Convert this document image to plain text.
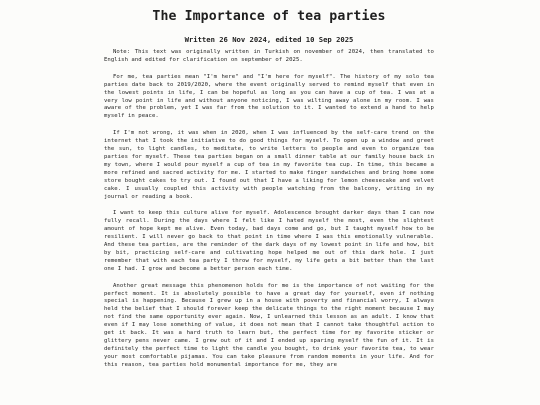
The Importance of tea parties
Written 26 Nov 2024, edited 10 Sep 2025

Note: This text was originally written in Turkish on november of 2024, then translated to English and edited for clarification on september of 2025.

For me, tea parties mean "I'm here" and "I'm here for myself". The history of my solo tea parties date back to 2019/2020, where the event originally served to remind myself that even in the lowest points in life, I can be hopeful as long as you can have a cup of tea. I was at a very low point in life and without anyone noticing, I was wilting away alone in my room. I was aware of the problem, yet I was far from the solution to it. I wanted to extend a hand to help myself in peace.

If I'm not wrong, it was when in 2020, when I was influenced by the self-care trend on the internet that I took the initiative to do good things for myself. To open up a window and greet the sun, to light candles, to meditate, to write letters to people and even to organize tea parties for myself. These tea parties began on a small dinner table at our family house back in my town, where I would pour myself a cup of tea in my favorite tea cup. In time, this became a more refined and sacred activity for me. I started to make finger sandwiches and bring home some store bought cakes to try out. I found out that I have a liking for lemon cheesecake and velvet cake. I usually coupled this activity with people watching from the balcony, writing in my journal or reading a book.

I want to keep this culture alive for myself. Adolescence brought darker days than I can now fully recall. During the days where I felt like I hated myself the most, even the slightest amount of hope kept me alive. Even today, bad days come and go, but I taught myself how to be resilient. I will never go back to that point in time where I was this emotionally vulnerable. And these tea parties, are the reminder of the dark days of my lowest point in life and how, bit by bit, practicing self-care and cultivating hope helped me out of this dark hole. I just remember that with each tea party I throw for myself, my life gets a bit better than the last one I had. I grow and become a better person each time.

Another great message this phenomenon holds for me is the importance of not waiting for the perfect moment. It is absolutely possible to have a great day for yourself, even if nothing special is happening. Because I grew up in a house with poverty and financial worry, I always held the belief that I should forever keep the delicate things to the right moment because I may not find the same opportunity ever again. Now, I unlearned this lesson as an adult. I know that even if I may lose something of value, it does not mean that I cannot take thoughtful action to get it back. It was a hard truth to learn but, the perfect time for my favorite sticker or glittery pens never came. I grew out of it and I ended up sparing myself the fun of it. It is definitely the perfect time to light the candle you bought, to drink your favorite tea, to wear your most comfortable pijamas. You can take pleasure from random moments in your life. And for this reason, tea parties hold monumental importance for me, they are
